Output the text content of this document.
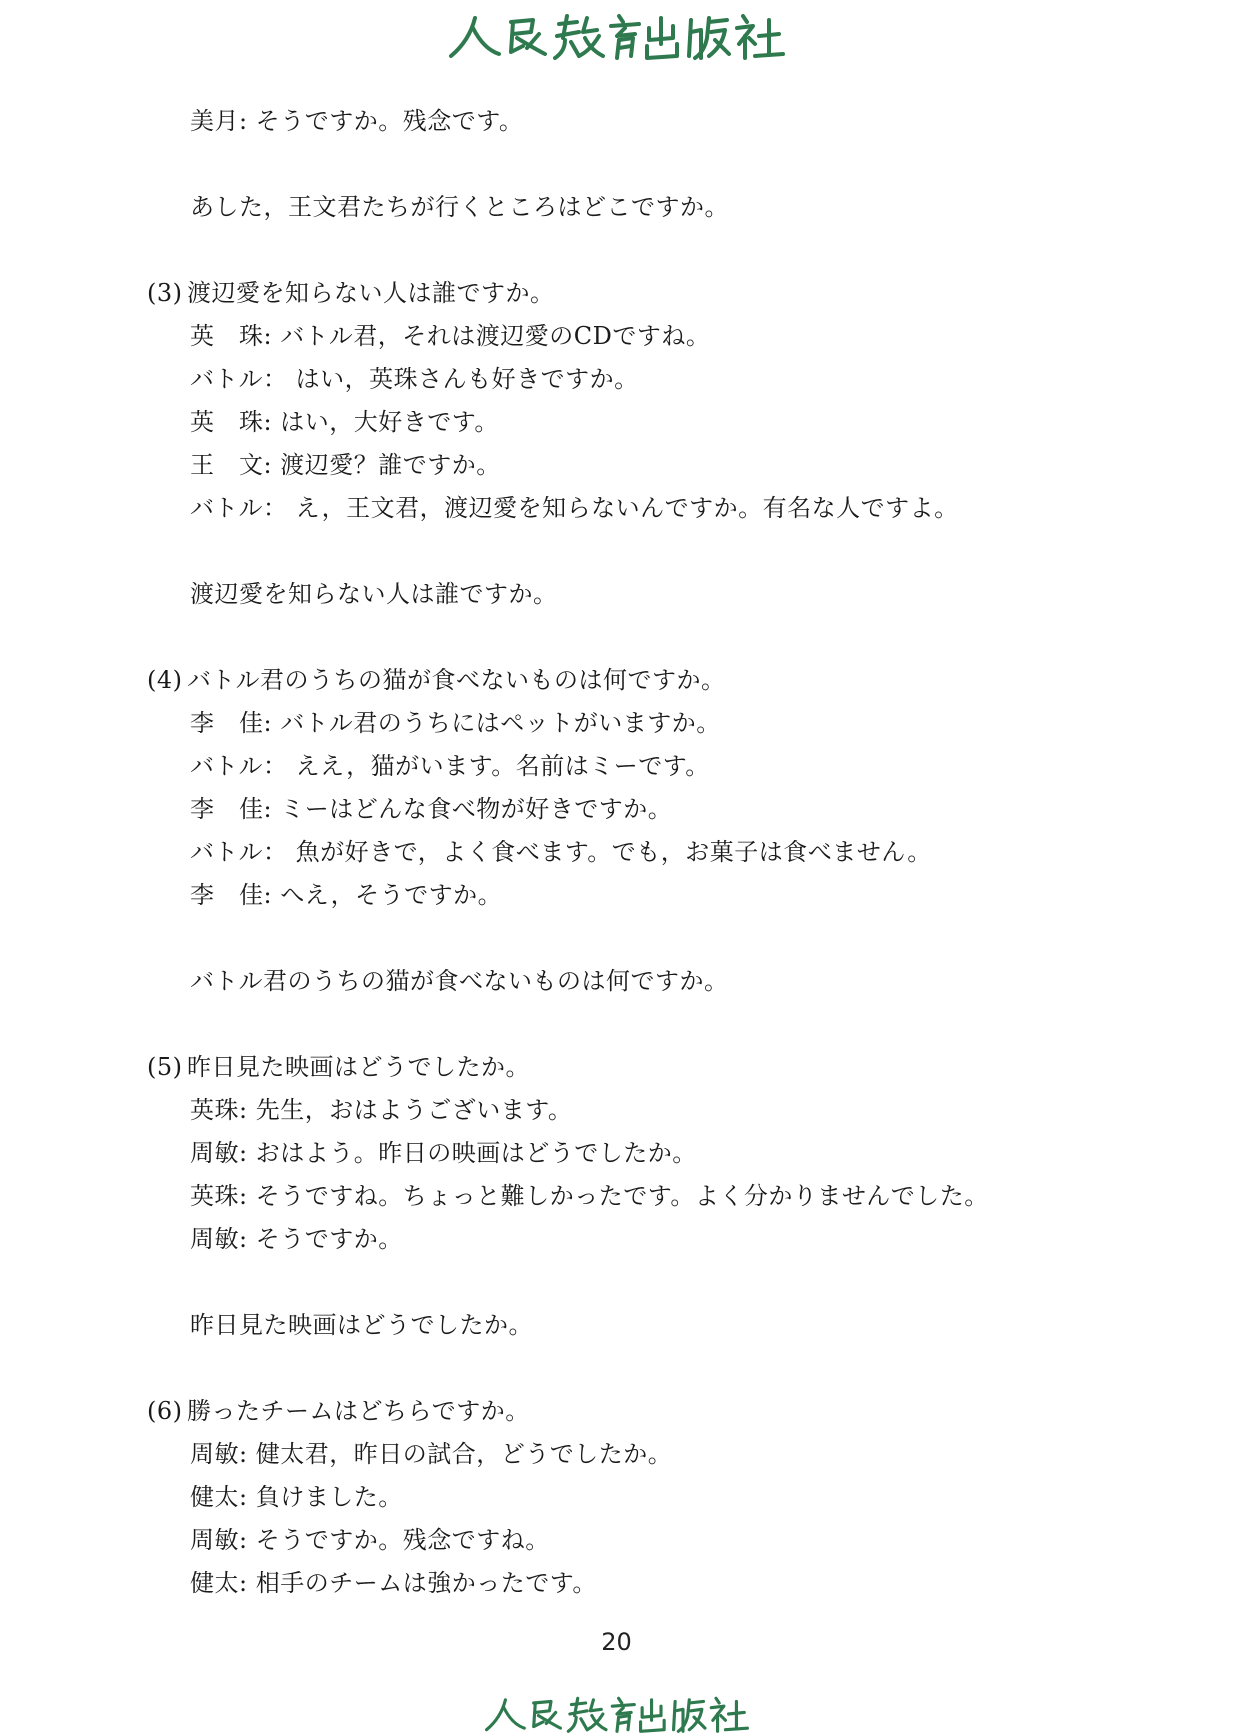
美月: そうですか。残念です。
あした，王文君たちが行くところはどこですか。
(3) 渡辺愛を知らない人は誰ですか。
英　珠: バトル君，それは渡辺愛のCDですね。
バトル： はい，英珠さんも好きですか。
英　珠: はい，大好きです。
王　文: 渡辺愛？誰ですか。
バトル： え，王文君，渡辺愛を知らないんですか。有名な人ですよ。
渡辺愛を知らない人は誰ですか。
(4) バトル君のうちの猫が食べないものは何ですか。
李　佳: バトル君のうちにはペットがいますか。
バトル： ええ，猫がいます。名前はミーです。
李　佳: ミーはどんな食べ物が好きですか。
バトル： 魚が好きで，よく食べます。でも，お菓子は食べません。
李　佳: へえ，そうですか。
バトル君のうちの猫が食べないものは何ですか。
(5) 昨日見た映画はどうでしたか。
英珠: 先生，おはようございます。
周敏: おはよう。昨日の映画はどうでしたか。
英珠: そうですね。ちょっと難しかったです。よく分かりませんでした。
周敏: そうですか。
昨日見た映画はどうでしたか。
(6) 勝ったチームはどちらですか。
周敏: 健太君，昨日の試合，どうでしたか。
健太: 負けました。
周敏: そうですか。残念ですね。
健太: 相手のチームは強かったです。
20
